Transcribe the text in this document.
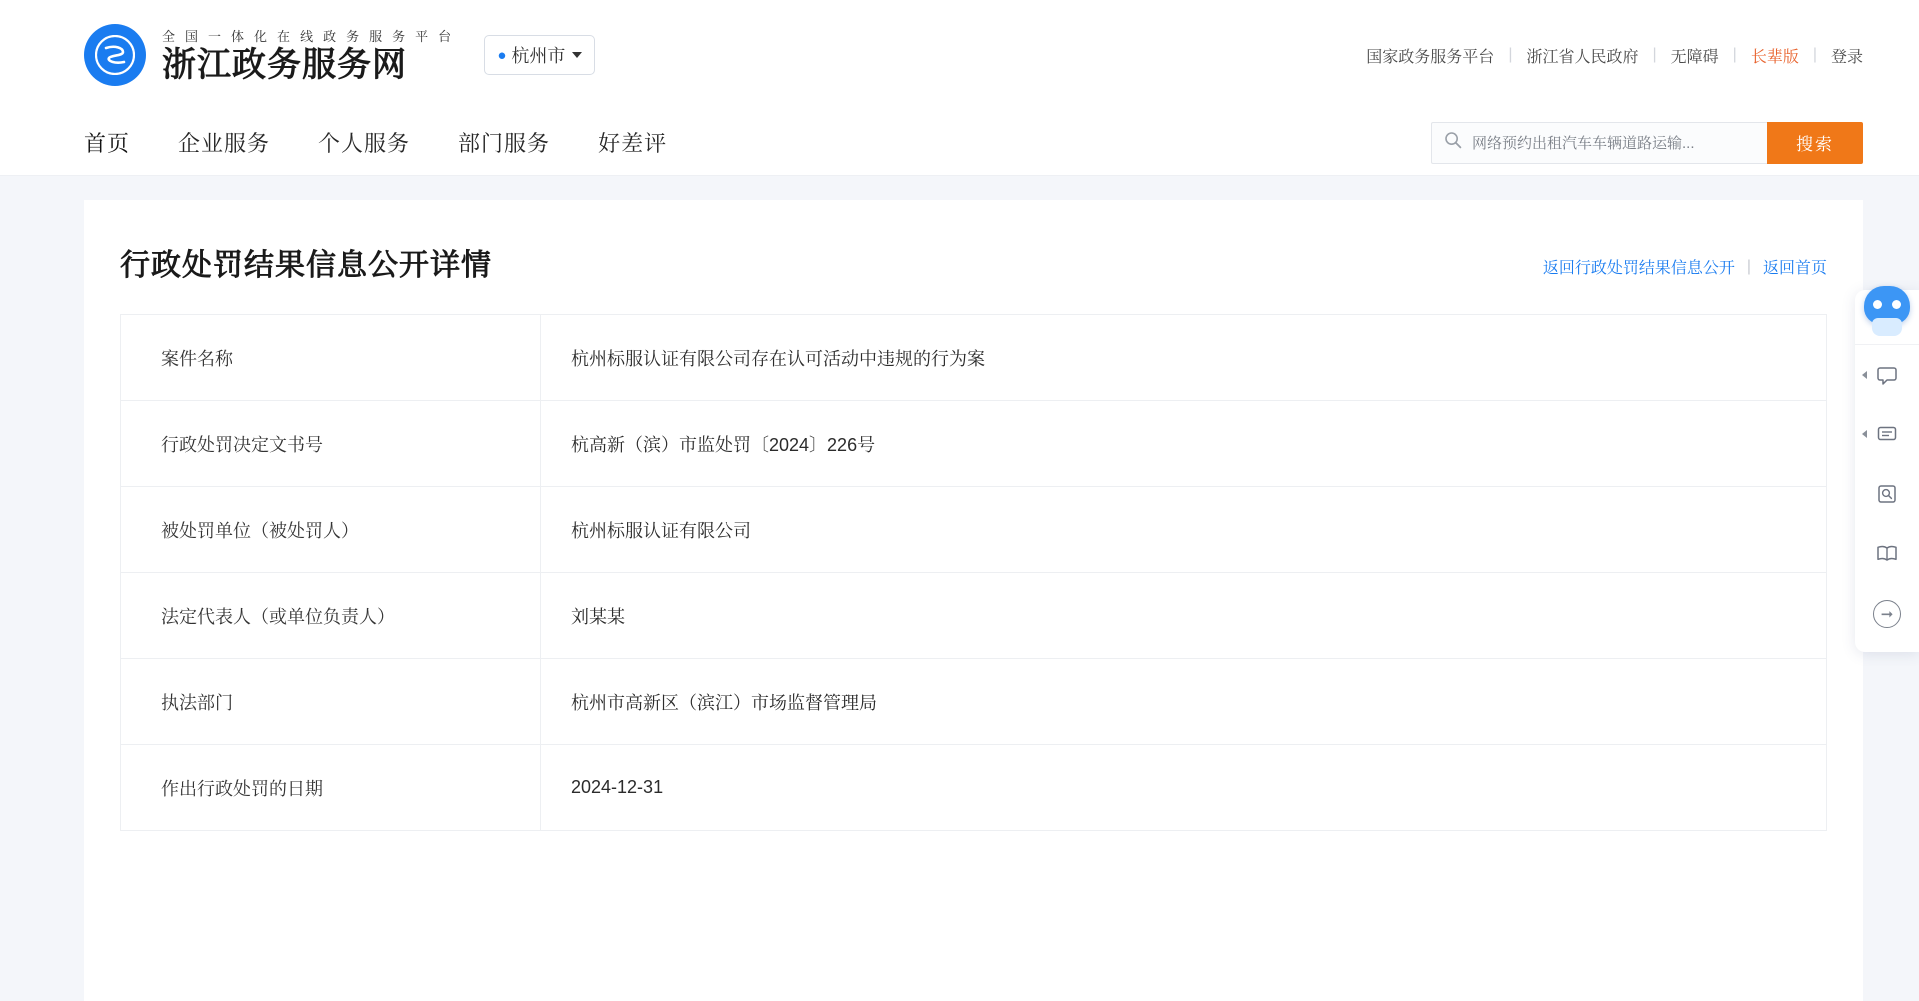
全 国 一 体 化 在 线 政 务 服 务 平 台
浙江政务服务网	● 杭州市	国家政务服务平台 | 浙江省人民政府 | 无障碍 | 长辈版 | 登录
首页 企业服务 个人服务 部门服务 好差评
网络预约出租汽车车辆道路运输...	搜索
行政处罚结果信息公开详情	返回行政处罚结果信息公开 | 返回首页
案件名称	杭州标服认证有限公司存在认可活动中违规的行为案
行政处罚决定文书号	杭高新（滨）市监处罚〔2024〕226号
被处罚单位（被处罚人）	杭州标服认证有限公司
法定代表人（或单位负责人）	刘某某
执法部门	杭州市高新区（滨江）市场监督管理局
作出行政处罚的日期	2024-12-31
➞
